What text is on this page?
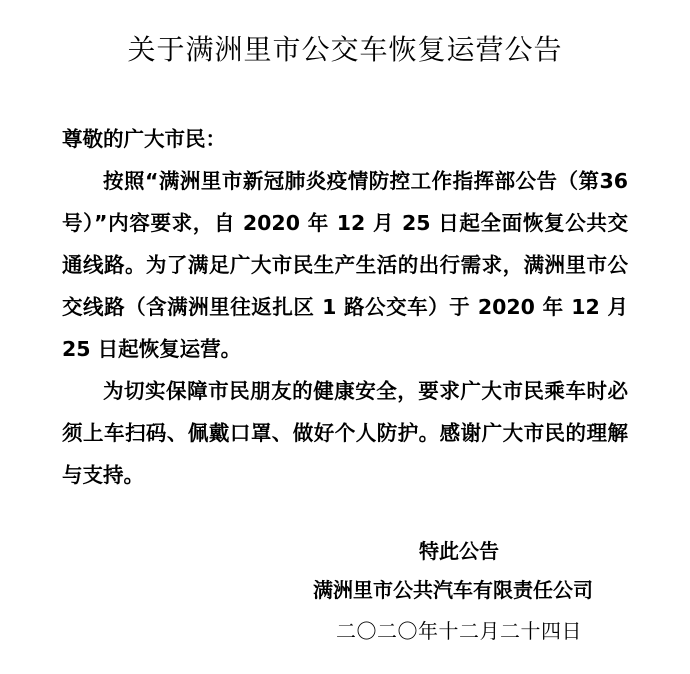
关于满洲里市公交车恢复运营公告

尊敬的广大市民：

按照“满洲里市新冠肺炎疫情防控工作指挥部公告（第36号）”内容要求，自 2020 年 12 月 25 日起全面恢复公共交通线路。为了满足广大市民生产生活的出行需求，满洲里市公交线路（含满洲里往返扎区 1 路公交车）于 2020 年 12 月 25 日起恢复运营。

为切实保障市民朋友的健康安全，要求广大市民乘车时必须上车扫码、佩戴口罩、做好个人防护。感谢广大市民的理解与支持。

特此公告
满洲里市公共汽车有限责任公司
二〇二〇年十二月二十四日
